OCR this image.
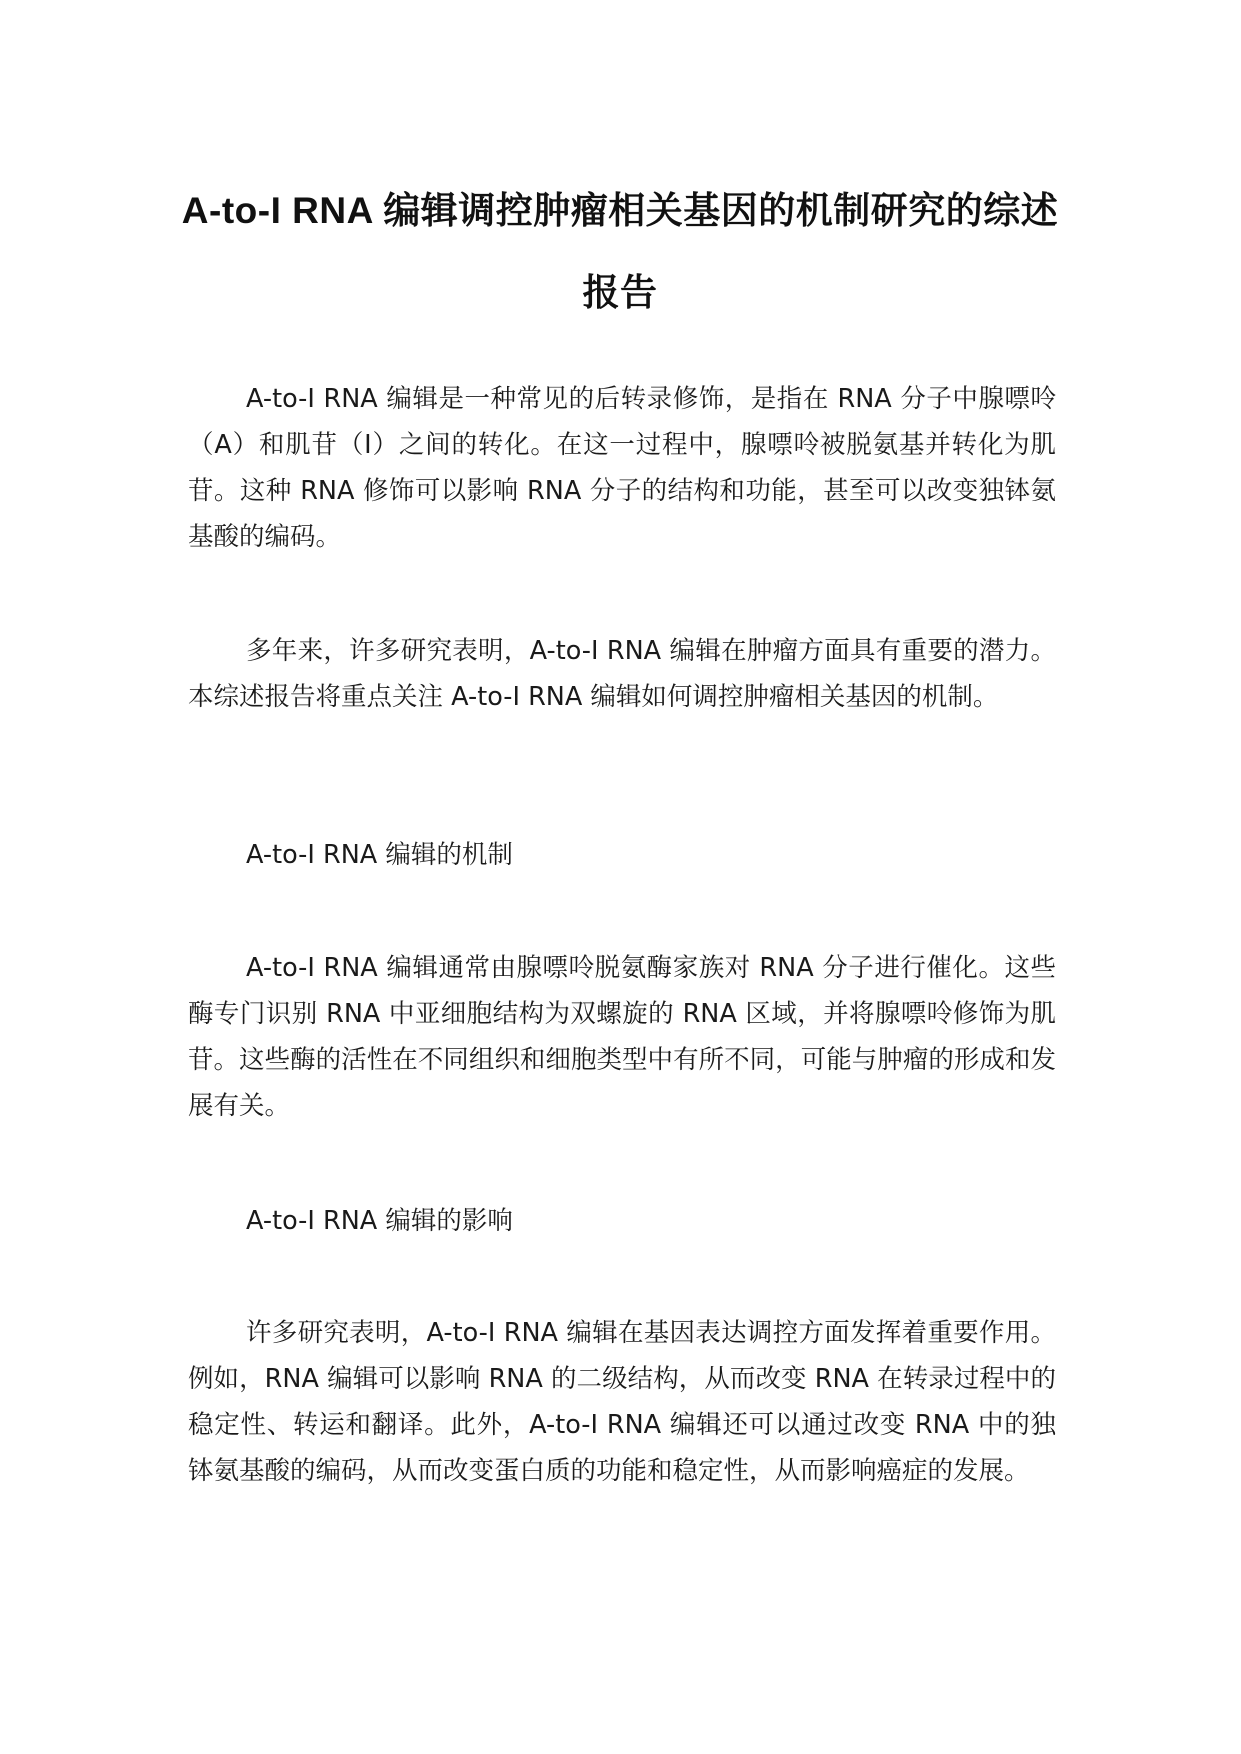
A-to-I RNA 编辑调控肿瘤相关基因的机制研究的综述报告

A-to-I RNA 编辑是一种常见的后转录修饰，是指在 RNA 分子中腺嘌呤（A）和肌苷（I）之间的转化。在这一过程中，腺嘌呤被脱氨基并转化为肌苷。这种 RNA 修饰可以影响 RNA 分子的结构和功能，甚至可以改变独钵氨基酸的编码。

多年来，许多研究表明，A-to-I RNA 编辑在肿瘤方面具有重要的潜力。本综述报告将重点关注 A-to-I RNA 编辑如何调控肿瘤相关基因的机制。

A-to-I RNA 编辑的机制

A-to-I RNA 编辑通常由腺嘌呤脱氨酶家族对 RNA 分子进行催化。这些酶专门识别 RNA 中亚细胞结构为双螺旋的 RNA 区域，并将腺嘌呤修饰为肌苷。这些酶的活性在不同组织和细胞类型中有所不同，可能与肿瘤的形成和发展有关。

A-to-I RNA 编辑的影响

许多研究表明，A-to-I RNA 编辑在基因表达调控方面发挥着重要作用。例如，RNA 编辑可以影响 RNA 的二级结构，从而改变 RNA 在转录过程中的稳定性、转运和翻译。此外，A-to-I RNA 编辑还可以通过改变 RNA 中的独钵氨基酸的编码，从而改变蛋白质的功能和稳定性，从而影响癌症的发展。
